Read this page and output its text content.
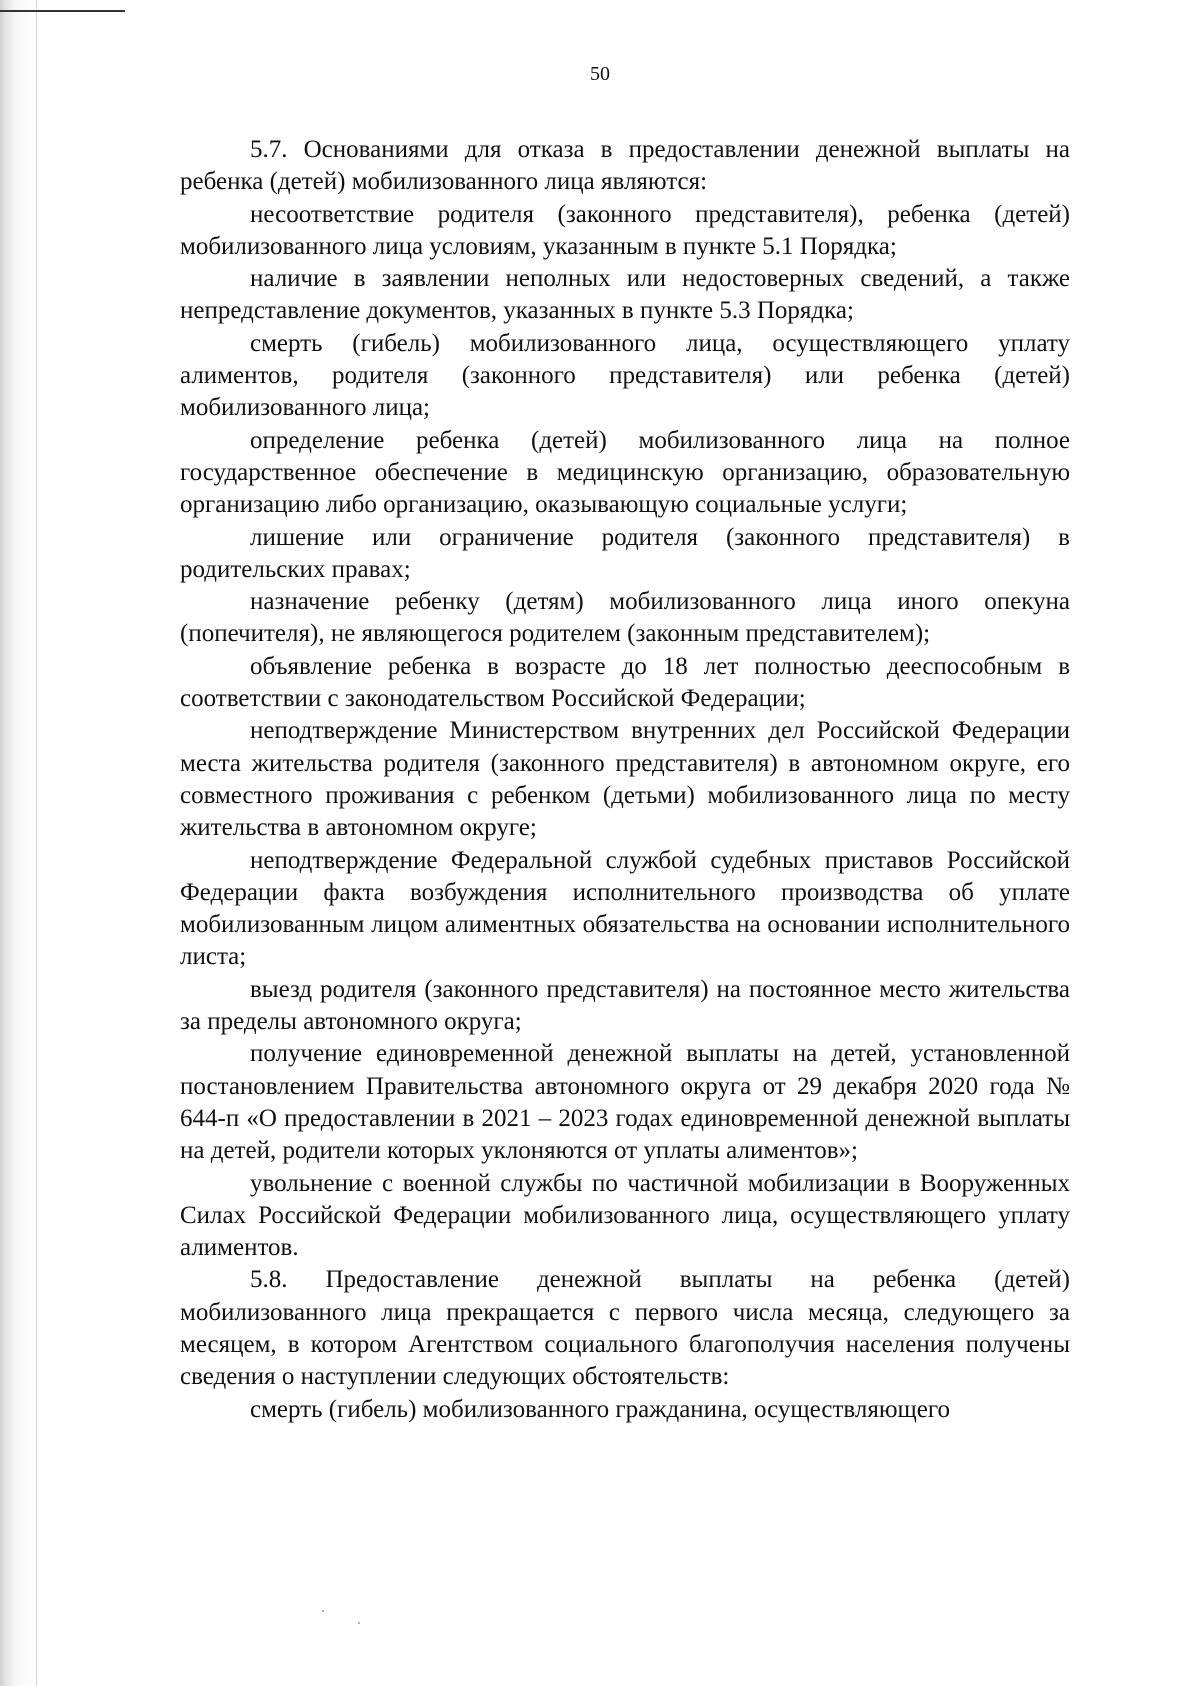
50

5.7. Основаниями для отказа в предоставлении денежной выплаты на ребенка (детей) мобилизованного лица являются:

несоответствие родителя (законного представителя), ребенка (детей) мобилизованного лица условиям, указанным в пункте 5.1 Порядка;

наличие в заявлении неполных или недостоверных сведений, а также непредставление документов, указанных в пункте 5.3 Порядка;

смерть (гибель) мобилизованного лица, осуществляющего уплату алиментов, родителя (законного представителя) или ребенка (детей) мобилизованного лица;

определение ребенка (детей) мобилизованного лица на полное государственное обеспечение в медицинскую организацию, образовательную организацию либо организацию, оказывающую социальные услуги;

лишение или ограничение родителя (законного представителя) в родительских правах;

назначение ребенку (детям) мобилизованного лица иного опекуна (попечителя), не являющегося родителем (законным представителем);

объявление ребенка в возрасте до 18 лет полностью дееспособным в соответствии с законодательством Российской Федерации;

неподтверждение Министерством внутренних дел Российской Федерации места жительства родителя (законного представителя) в автономном округе, его совместного проживания с ребенком (детьми) мобилизованного лица по месту жительства в автономном округе;

неподтверждение Федеральной службой судебных приставов Российской Федерации факта возбуждения исполнительного производства об уплате мобилизованным лицом алиментных обязательства на основании исполнительного листа;

выезд родителя (законного представителя) на постоянное место жительства за пределы автономного округа;

получение единовременной денежной выплаты на детей, установленной постановлением Правительства автономного округа от 29 декабря 2020 года № 644-п «О предоставлении в 2021 – 2023 годах единовременной денежной выплаты на детей, родители которых уклоняются от уплаты алиментов»;

увольнение с военной службы по частичной мобилизации в Вооруженных Силах Российской Федерации мобилизованного лица, осуществляющего уплату алиментов.

5.8. Предоставление денежной выплаты на ребенка (детей) мобилизованного лица прекращается с первого числа месяца, следующего за месяцем, в котором Агентством социального благополучия населения получены сведения о наступлении следующих обстоятельств:

смерть (гибель) мобилизованного гражданина, осуществляющего
